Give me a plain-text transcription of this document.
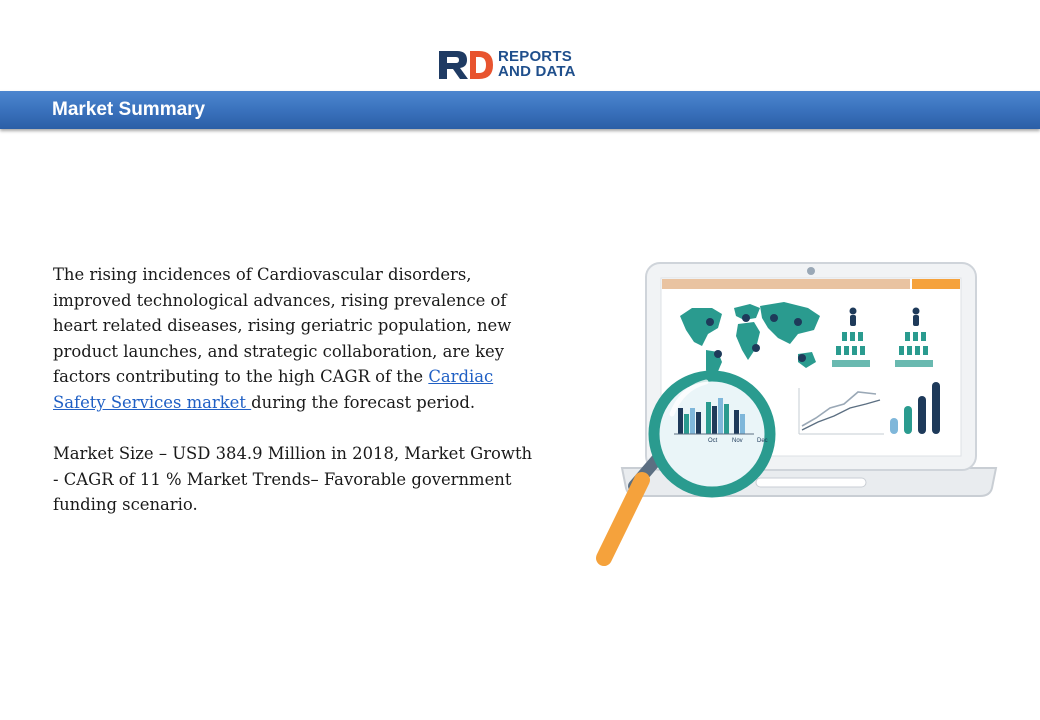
REPORTS
AND DATA
Market Summary

The rising incidences of Cardiovascular disorders, improved technological advances, rising prevalence of heart related diseases, rising geriatric population, new product launches, and strategic collaboration, are key factors contributing to the high CAGR of the Cardiac Safety Services market during the forecast period.

Market Size – USD 384.9 Million in 2018, Market Growth - CAGR of 11 % Market Trends– Favorable government funding scenario.

Oct Nov Dec
